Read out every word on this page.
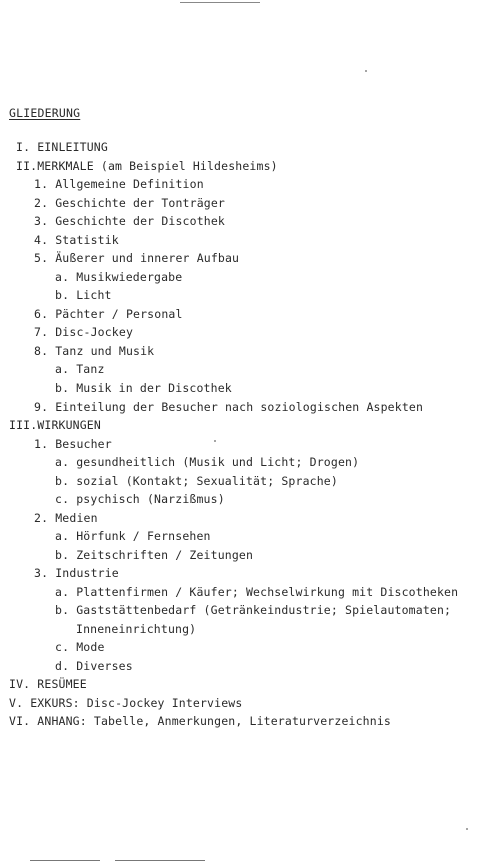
GLIEDERUNG
I. EINLEITUNG
II.MERKMALE (am Beispiel Hildesheims)
1. Allgemeine Definition
2. Geschichte der Tonträger
3. Geschichte der Discothek
4. Statistik
5. Äußerer und innerer Aufbau
a. Musikwiedergabe
b. Licht
6. Pächter / Personal
7. Disc-Jockey
8. Tanz und Musik
a. Tanz
b. Musik in der Discothek
9. Einteilung der Besucher nach soziologischen Aspekten
III.WIRKUNGEN
1. Besucher
a. gesundheitlich (Musik und Licht; Drogen)
b. sozial (Kontakt; Sexualität; Sprache)
c. psychisch (Narzißmus)
2. Medien
a. Hörfunk / Fernsehen
b. Zeitschriften / Zeitungen
3. Industrie
a. Plattenfirmen / Käufer; Wechselwirkung mit Discotheken
b. Gaststättenbedarf (Getränkeindustrie; Spielautomaten;
Inneneinrichtung)
c. Mode
d. Diverses
IV. RESÜMEE
V. EXKURS: Disc-Jockey Interviews
VI. ANHANG: Tabelle, Anmerkungen, Literaturverzeichnis
